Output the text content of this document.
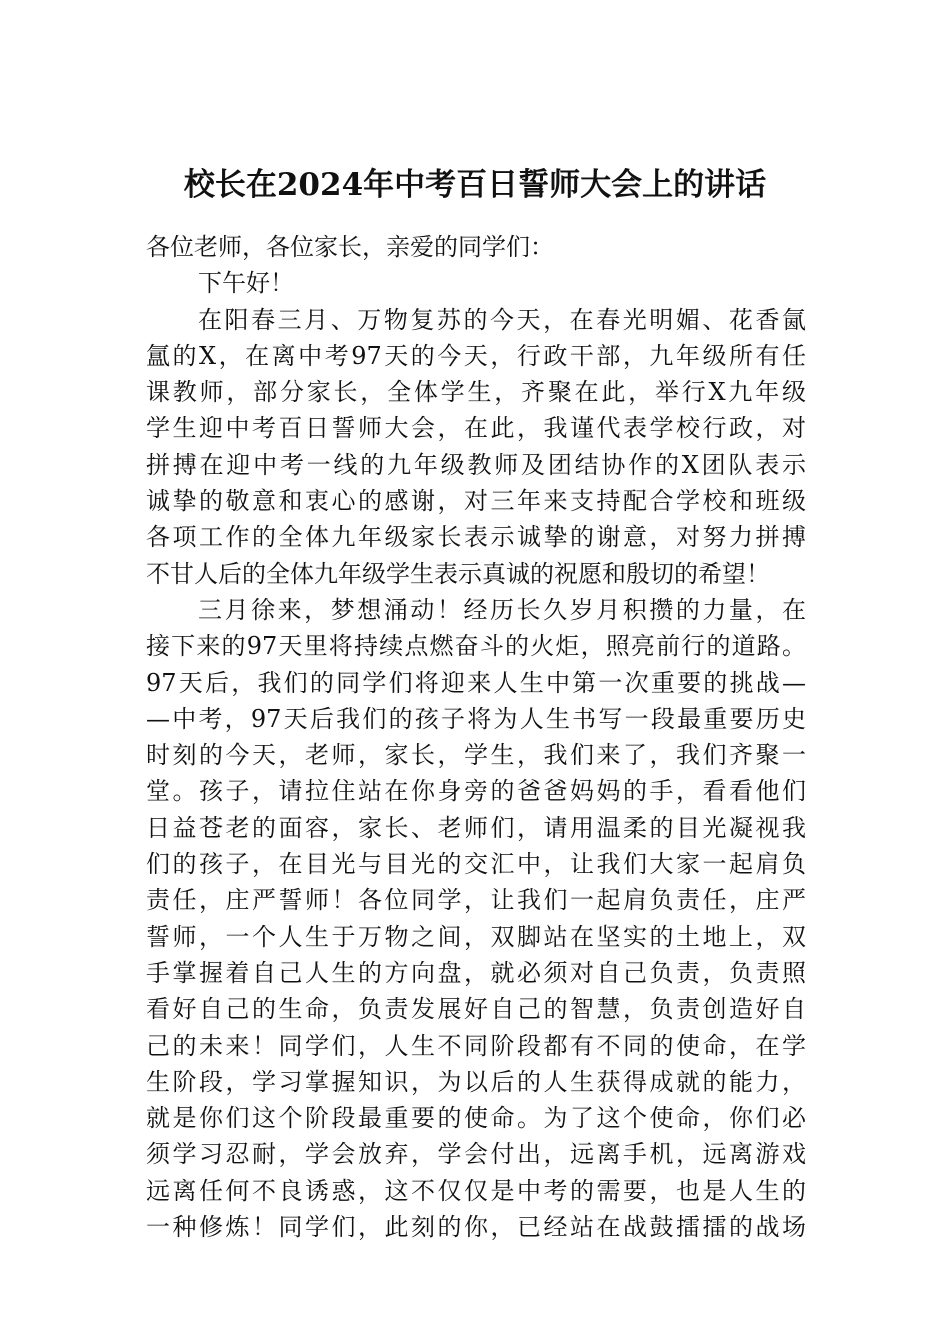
校长在2024年中考百日誓师大会上的讲话
各位老师，各位家长，亲爱的同学们：
下午好！
在阳春三月、万物复苏的今天，在春光明媚、花香氤
氲的X，在离中考97天的今天，行政干部，九年级所有任
课教师，部分家长，全体学生，齐聚在此，举行X九年级
学生迎中考百日誓师大会，在此，我谨代表学校行政，对
拼搏在迎中考一线的九年级教师及团结协作的X团队表示
诚挚的敬意和衷心的感谢，对三年来支持配合学校和班级
各项工作的全体九年级家长表示诚挚的谢意，对努力拼搏
不甘人后的全体九年级学生表示真诚的祝愿和殷切的希望！
三月徐来，梦想涌动！经历长久岁月积攒的力量，在
接下来的97天里将持续点燃奋斗的火炬，照亮前行的道路。
97天后，我们的同学们将迎来人生中第一次重要的挑战—
—中考，97天后我们的孩子将为人生书写一段最重要历史
时刻的今天，老师，家长，学生，我们来了，我们齐聚一
堂。孩子，请拉住站在你身旁的爸爸妈妈的手，看看他们
日益苍老的面容，家长、老师们，请用温柔的目光凝视我
们的孩子，在目光与目光的交汇中，让我们大家一起肩负
责任，庄严誓师！各位同学，让我们一起肩负责任，庄严
誓师，一个人生于万物之间，双脚站在坚实的土地上，双
手掌握着自己人生的方向盘，就必须对自己负责，负责照
看好自己的生命，负责发展好自己的智慧，负责创造好自
己的未来！同学们，人生不同阶段都有不同的使命，在学
生阶段，学习掌握知识，为以后的人生获得成就的能力，
就是你们这个阶段最重要的使命。为了这个使命，你们必
须学习忍耐，学会放弃，学会付出，远离手机，远离游戏
远离任何不良诱惑，这不仅仅是中考的需要，也是人生的
一种修炼！同学们，此刻的你，已经站在战鼓擂擂的战场
